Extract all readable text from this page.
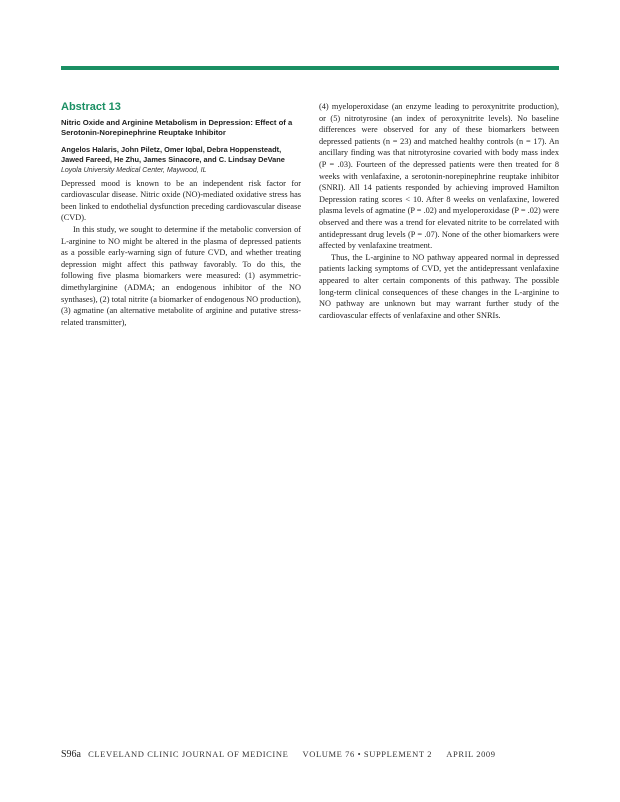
Abstract 13
Nitric Oxide and Arginine Metabolism in Depression: Effect of a Serotonin-Norepinephrine Reuptake Inhibitor
Angelos Halaris, John Piletz, Omer Iqbal, Debra Hoppensteadt, Jawed Fareed, He Zhu, James Sinacore, and C. Lindsay DeVane
Loyola University Medical Center, Maywood, IL

Depressed mood is known to be an independent risk factor for cardiovascular disease. Nitric oxide (NO)-mediated oxidative stress has been linked to endothelial dysfunction preceding cardiovascular disease (CVD).

In this study, we sought to determine if the metabolic conversion of L-arginine to NO might be altered in the plasma of depressed patients as a possible early-warning sign of future CVD, and whether treating depression might affect this pathway favorably. To do this, the following five plasma biomarkers were measured: (1) asymmetric-dimethylarginine (ADMA; an endogenous inhibitor of the NO synthases), (2) total nitrite (a biomarker of endogenous NO production), (3) agmatine (an alternative metabolite of arginine and putative stress-related transmitter),

(4) myeloperoxidase (an enzyme leading to peroxynitrite production), or (5) nitrotyrosine (an index of peroxynitrite levels). No baseline differences were observed for any of these biomarkers between depressed patients (n = 23) and matched healthy controls (n = 17). An ancillary finding was that nitrotyrosine covaried with body mass index (P = .03). Fourteen of the depressed patients were then treated for 8 weeks with venlafaxine, a serotonin-norepinephrine reuptake inhibitor (SNRI). All 14 patients responded by achieving improved Hamilton Depression rating scores < 10. After 8 weeks on venlafaxine, lowered plasma levels of agmatine (P = .02) and myeloperoxidase (P = .02) were observed and there was a trend for elevated nitrite to be correlated with antidepressant drug levels (P = .07). None of the other biomarkers were affected by venlafaxine treatment.

Thus, the L-arginine to NO pathway appeared normal in depressed patients lacking symptoms of CVD, yet the antidepressant venlafaxine appeared to alter certain components of this pathway. The possible long-term clinical consequences of these changes in the L-arginine to NO pathway are unknown but may warrant further study of the cardiovascular effects of venlafaxine and other SNRIs.

S96a CLEVELAND CLINIC JOURNAL OF MEDICINE VOLUME 76 • SUPPLEMENT 2 APRIL 2009
